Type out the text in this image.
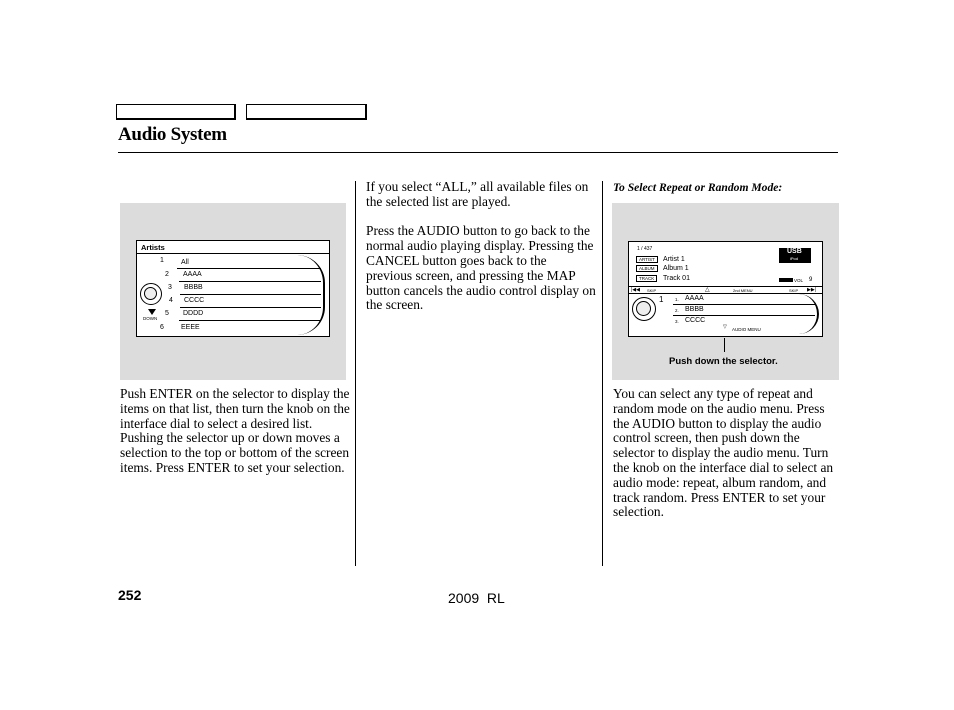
Audio System
Artists
DOWN
1 All
2 AAAA
3 BBBB
4 CCCC
5 DDDD
6 EEEE
Push ENTER on the selector to display the items on that list, then turn the knob on the interface dial to select a desired list. Pushing the selector up or down moves a selection to the top or bottom of the screen items. Press ENTER to set your selection.

If you select “ALL,” all available files on the selected list are played.

Press the AUDIO button to go back to the normal audio playing display. Pressing the CANCEL button goes back to the previous screen, and pressing the MAP button cancels the audio control display on the screen.

To Select Repeat or Random Mode:
1 / 437
ARTIST	Artist 1
ALBUM	Album 1
TRACK	Track 01
USB
iPod
VOL 9
|◀◀ SKIP	△	2nd MENU	SKIP ▶▶|
1	1. AAAA
2. BBBB
3. CCCC
▽ AUDIO MENU
Push down the selector.
You can select any type of repeat and random mode on the audio menu. Press the AUDIO button to display the audio control screen, then push down the selector to display the audio menu. Turn the knob on the interface dial to select an audio mode: repeat, album random, and track random. Press ENTER to set your selection.
252	2009  RL
